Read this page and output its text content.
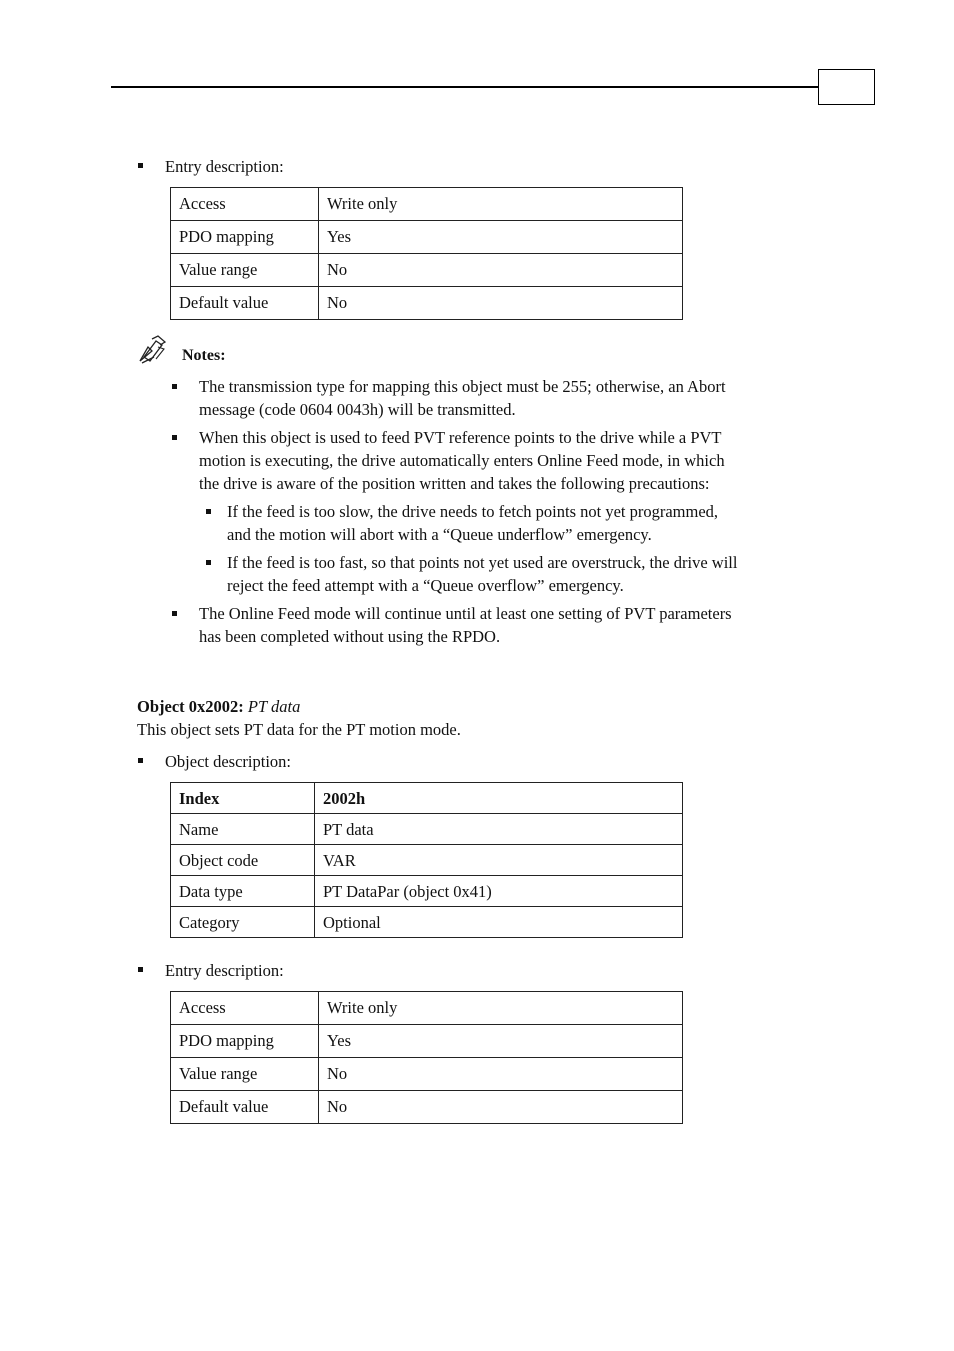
Entry description:
Access	Write only
PDO mapping	Yes
Value range	No
Default value	No
Notes:
The transmission type for mapping this object must be 255; otherwise, an Abort
message (code 0604 0043h) will be transmitted.
When this object is used to feed PVT reference points to the drive while a PVT
motion is executing, the drive automatically enters Online Feed mode, in which
the drive is aware of the position written and takes the following precautions:
If the feed is too slow, the drive needs to fetch points not yet programmed,
and the motion will abort with a “Queue underflow” emergency.
If the feed is too fast, so that points not yet used are overstruck, the drive will
reject the feed attempt with a “Queue overflow” emergency.
The Online Feed mode will continue until at least one setting of PVT parameters
has been completed without using the RPDO.
Object 0x2002: PT data
This object sets PT data for the PT motion mode.
Object description:
Index	2002h
Name	PT data
Object code	VAR
Data type	PT DataPar (object 0x41)
Category	Optional
Entry description:
Access	Write only
PDO mapping	Yes
Value range	No
Default value	No
